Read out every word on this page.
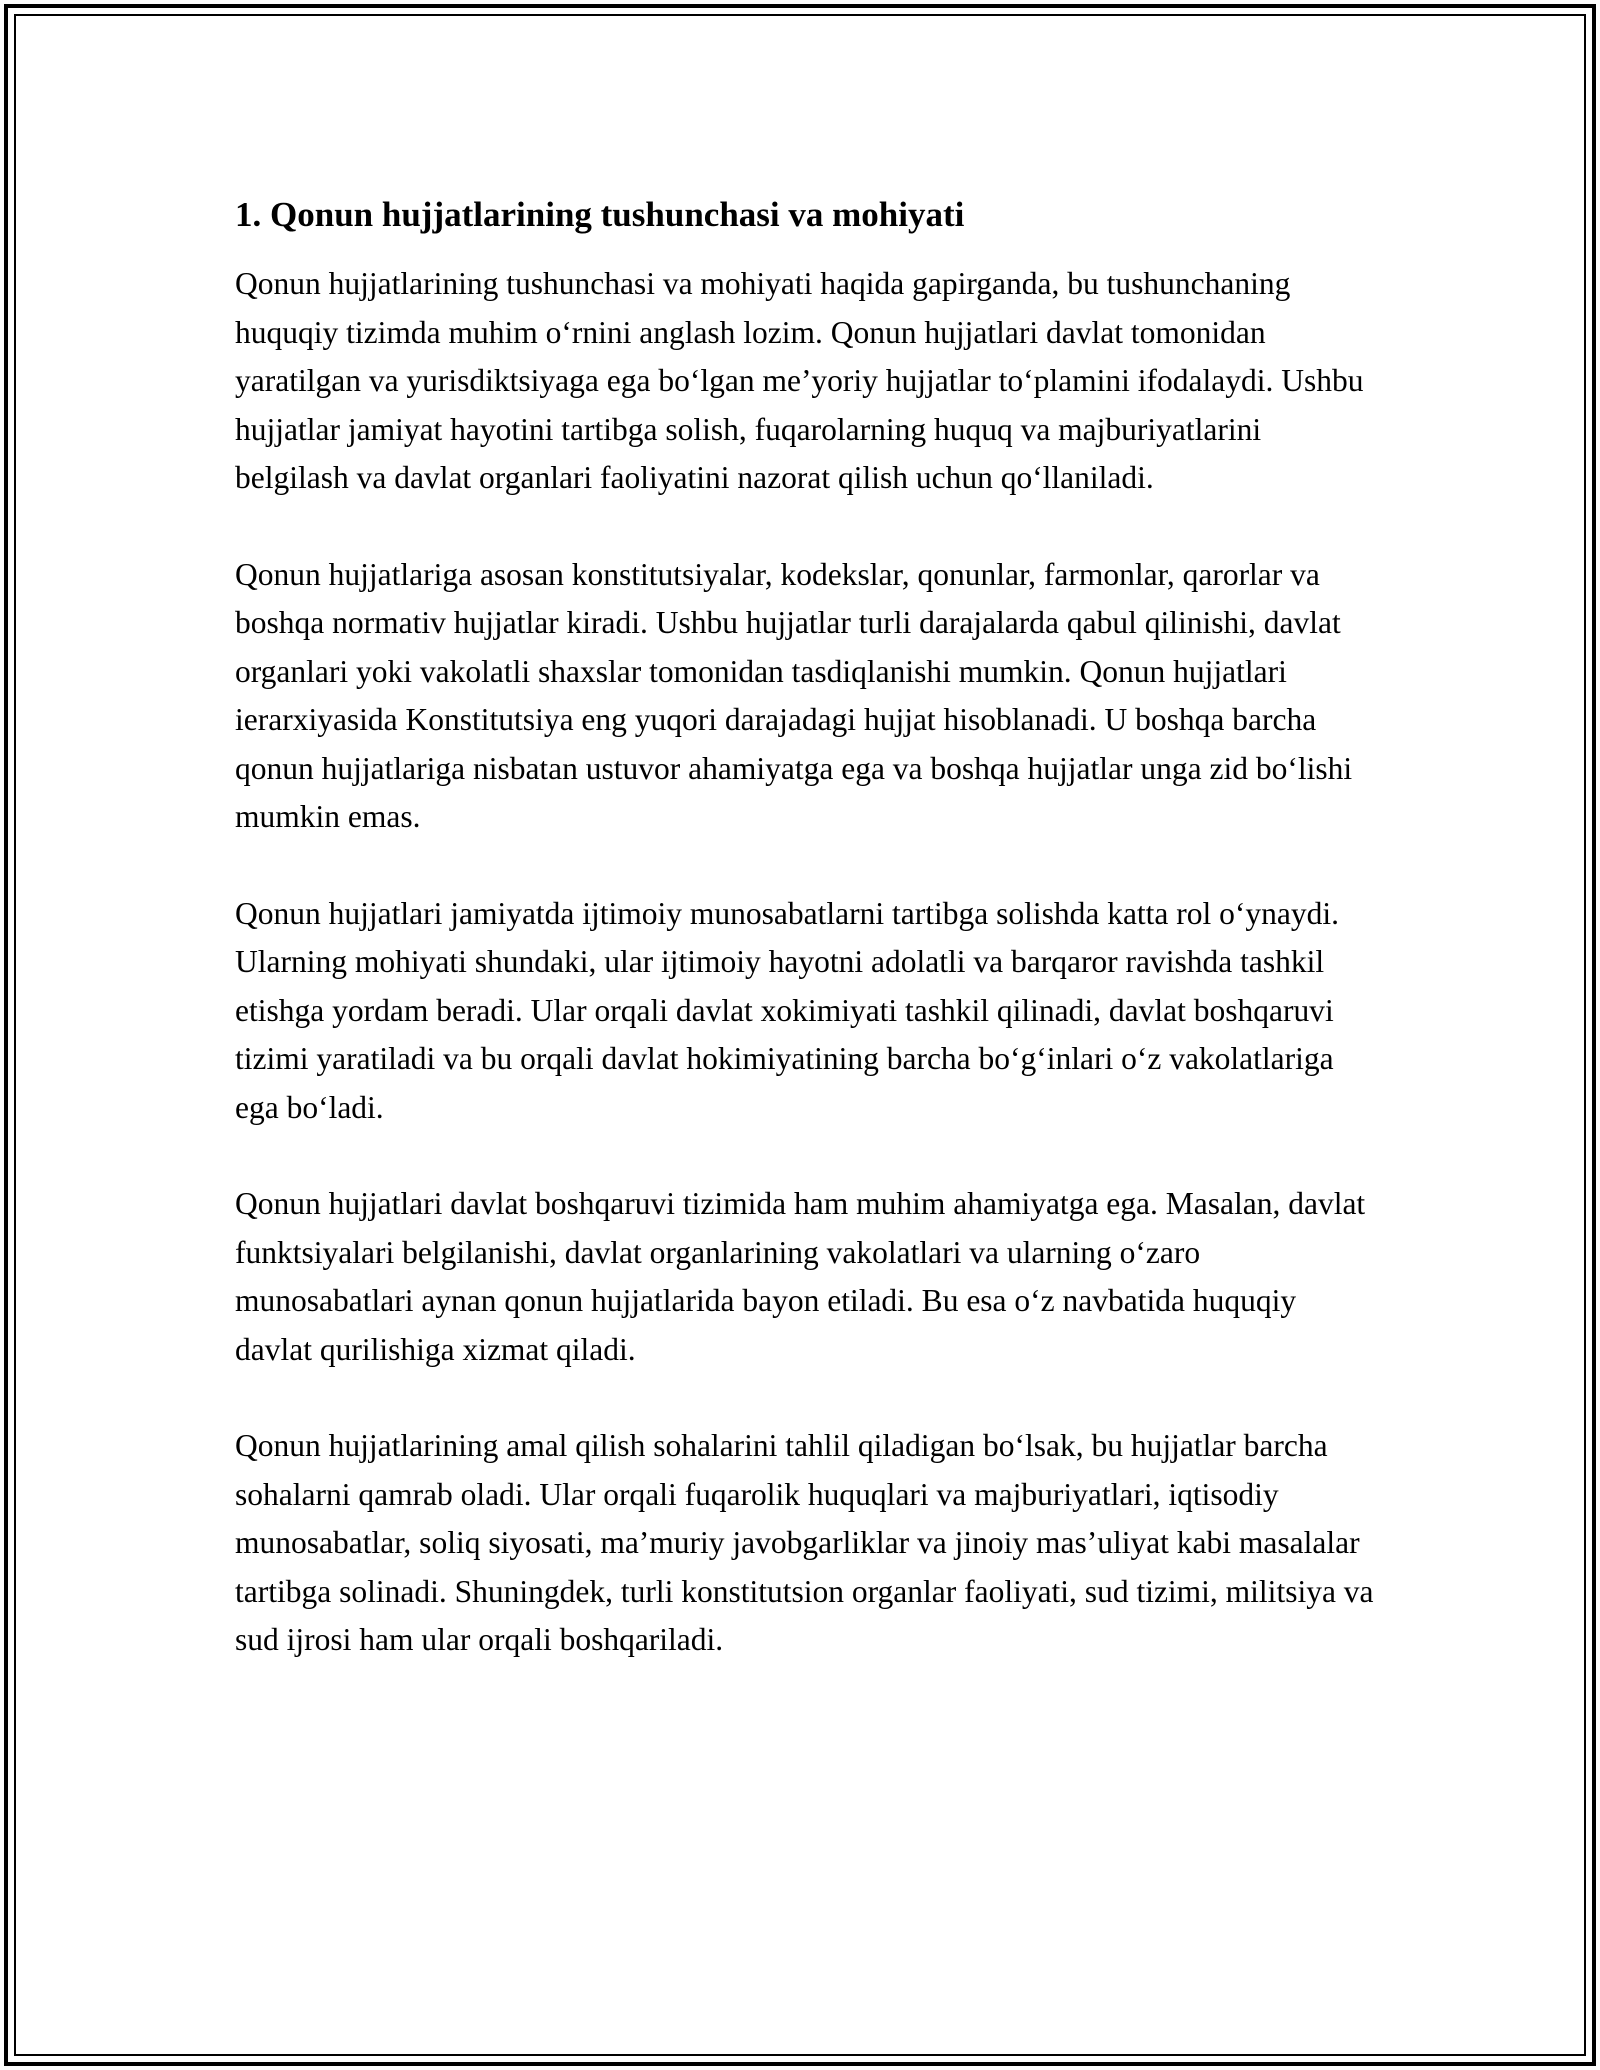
1. Qonun hujjatlarining tushunchasi va mohiyati

Qonun hujjatlarining tushunchasi va mohiyati haqida gapirganda, bu tushunchaning huquqiy tizimda muhim oʻrnini anglash lozim. Qonun hujjatlari davlat tomonidan yaratilgan va yurisdiktsiyaga ega boʻlgan me’yoriy hujjatlar toʻplamini ifodalaydi. Ushbu hujjatlar jamiyat hayotini tartibga solish, fuqarolarning huquq va majburiyatlarini belgilash va davlat organlari faoliyatini nazorat qilish uchun qoʻllaniladi.

Qonun hujjatlariga asosan konstitutsiyalar, kodekslar, qonunlar, farmonlar, qarorlar va boshqa normativ hujjatlar kiradi. Ushbu hujjatlar turli darajalarda qabul qilinishi, davlat organlari yoki vakolatli shaxslar tomonidan tasdiqlanishi mumkin. Qonun hujjatlari ierarxiyasida Konstitutsiya eng yuqori darajadagi hujjat hisoblanadi. U boshqa barcha qonun hujjatlariga nisbatan ustuvor ahamiyatga ega va boshqa hujjatlar unga zid boʻlishi mumkin emas.

Qonun hujjatlari jamiyatda ijtimoiy munosabatlarni tartibga solishda katta rol oʻynaydi. Ularning mohiyati shundaki, ular ijtimoiy hayotni adolatli va barqaror ravishda tashkil etishga yordam beradi. Ular orqali davlat xokimiyati tashkil qilinadi, davlat boshqaruvi tizimi yaratiladi va bu orqali davlat hokimiyatining barcha boʻgʻinlari oʻz vakolatlariga ega boʻladi.

Qonun hujjatlari davlat boshqaruvi tizimida ham muhim ahamiyatga ega. Masalan, davlat funktsiyalari belgilanishi, davlat organlarining vakolatlari va ularning oʻzaro munosabatlari aynan qonun hujjatlarida bayon etiladi. Bu esa oʻz navbatida huquqiy davlat qurilishiga xizmat qiladi.

Qonun hujjatlarining amal qilish sohalarini tahlil qiladigan boʻlsak, bu hujjatlar barcha sohalarni qamrab oladi. Ular orqali fuqarolik huquqlari va majburiyatlari, iqtisodiy munosabatlar, soliq siyosati, ma’muriy javobgarliklar va jinoiy mas’uliyat kabi masalalar tartibga solinadi. Shuningdek, turli konstitutsion organlar faoliyati, sud tizimi, militsiya va sud ijrosi ham ular orqali boshqariladi.
